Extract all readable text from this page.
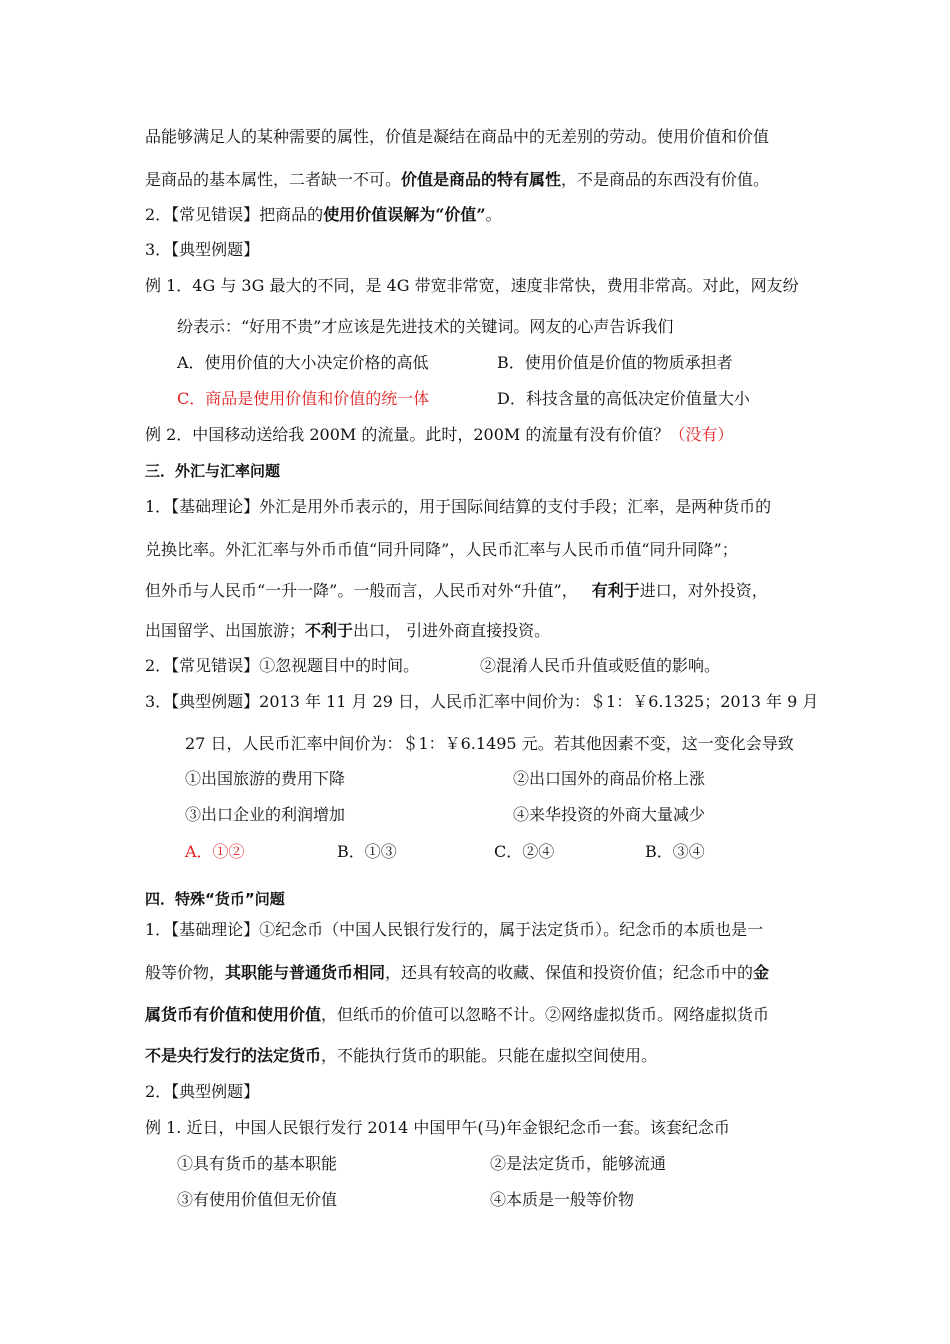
品能够满足人的某种需要的属性，价值是凝结在商品中的无差别的劳动。使用价值和价值
是商品的基本属性，二者缺一不可。价值是商品的特有属性，不是商品的东西没有价值。
2．【常见错误】把商品的使用价值误解为“价值”。
3．【典型例题】
例 1．4G 与 3G 最大的不同，是 4G 带宽非常宽，速度非常快，费用非常高。对此，网友纷
纷表示：“好用不贵”才应该是先进技术的关键词。网友的心声告诉我们
A．使用价值的大小决定价格的高低	B．使用价值是价值的物质承担者
C．商品是使用价值和价值的统一体	D．科技含量的高低决定价值量大小
例 2．中国移动送给我 200M 的流量。此时，200M 的流量有没有价值？（没有）
三．外汇与汇率问题
1．【基础理论】外汇是用外币表示的，用于国际间结算的支付手段；汇率，是两种货币的
兑换比率。外汇汇率与外币币值“同升同降”，人民币汇率与人民币币值“同升同降”；
但外币与人民币“一升一降”。一般而言，人民币对外“升值”， 有利于进口，对外投资，
出国留学、出国旅游；不利于出口， 引进外商直接投资。
2．【常见错误】①忽视题目中的时间。	②混淆人民币升值或贬值的影响。
3．【典型例题】2013 年 11 月 29 日，人民币汇率中间价为：＄1：￥6.1325；2013 年 9 月
27 日，人民币汇率中间价为：＄1：￥6.1495 元。若其他因素不变，这一变化会导致
①出国旅游的费用下降	②出口国外的商品价格上涨
③出口企业的利润增加	④来华投资的外商大量减少
A．①②	B．①③	C．②④	B．③④
四．特殊“货币”问题
1．【基础理论】①纪念币（中国人民银行发行的，属于法定货币）。纪念币的本质也是一
般等价物，其职能与普通货币相同，还具有较高的收藏、保值和投资价值；纪念币中的金
属货币有价值和使用价值，但纸币的价值可以忽略不计。②网络虚拟货币。网络虚拟货币
不是央行发行的法定货币，不能执行货币的职能。只能在虚拟空间使用。
2．【典型例题】
例 1. 近日，中国人民银行发行 2014 中国甲午(马)年金银纪念币一套。该套纪念币
①具有货币的基本职能	②是法定货币，能够流通
③有使用价值但无价值	④本质是一般等价物
